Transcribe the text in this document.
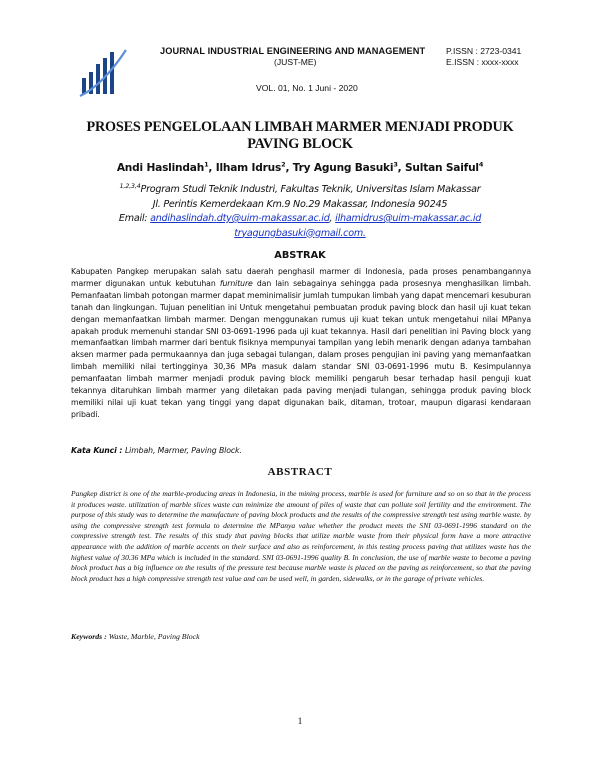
JOURNAL INDUSTRIAL ENGINEERING AND MANAGEMENT P.ISSN : 2723-0341
(JUST-ME)	E.ISSN : xxxx-xxxx
VOL. 01, No. 1 Juni - 2020
PROSES PENGELOLAAN LIMBAH MARMER MENJADI PRODUK PAVING BLOCK
Andi Haslindah$^1$, Ilham Idrus$^2$, Try Agung Basuki$^3$, Sultan Saiful$^4$
$^{1,2,3,4}$Program Studi Teknik Industri, Fakultas Teknik, Universitas Islam Makassar
Jl. Perintis Kemerdekaan Km.9 No.29 Makassar, Indonesia 90245
Email: andihaslindah.dty@uim-makassar.ac.id, ilhamidrus@uim-makassar.ac.id
tryagungbasuki@gmail.com.
ABSTRAK
Kabupaten Pangkep merupakan salah satu daerah penghasil marmer di Indonesia, pada proses penambangannya marmer digunakan untuk kebutuhan furniture dan lain sebagainya sehingga pada prosesnya menghasilkan limbah. Pemanfaatan limbah potongan marmer dapat meminimalisir jumlah tumpukan limbah yang dapat mencemari kesuburan tanah dan lingkungan. Tujuan penelitian ini Untuk mengetahui pembuatan produk paving block dan hasil uji kuat tekan dengan memanfaatkan limbah marmer. Dengan menggunakan rumus uji kuat tekan untuk mengetahui nilai MPanya apakah produk memenuhi standar SNI 03-0691-1996 pada uji kuat tekannya. Hasil dari penelitian ini Paving block yang memanfaatkan limbah marmer dari bentuk fisiknya mempunyai tampilan yang lebih menarik dengan adanya tambahan aksen marmer pada permukaannya dan juga sebagai tulangan, dalam proses pengujian ini paving yang memanfaatkan limbah memiliki nilai tertingginya 30,36 MPa masuk dalam standar SNI 03-0691-1996 mutu B. Kesimpulannya pemanfaatan limbah marmer menjadi produk paving block memiliki pengaruh besar terhadap hasil penguji kuat tekannya ditaruhkan limbah marmer yang diletakan pada paving menjadi tulangan, sehingga produk paving block memiliki nilai uji kuat tekan yang tinggi yang dapat digunakan baik, ditaman, trotoar, maupun digarasi kendaraan pribadi.
Kata Kunci : Limbah, Marmer, Paving Block.
ABSTRACT
Pangkep district is one of the marble-producing areas in Indonesia, in the mining process, marble is used for furniture and so on so that in the process it produces waste. utilization of marble slices waste can minimize the amount of piles of waste that can pollute soil fertility and the environment. The purpose of this study was to determine the manufacture of paving block products and the results of the compressive strength test using marble waste. by using the compressive strength test formula to determine the MPanya value whether the product meets the SNI 03-0691-1996 standard on the compressive strength test. The results of this study that paving blocks that utilize marble waste from their physical form have a more attractive appearance with the addition of marble accents on their surface and also as reinforcement, in this testing process paving that utilizes waste has the highest value of 30.36 MPa which is included in the standard. SNI 03-0691-1996 quality B. In conclusion, the use of marble waste to become a paving block product has a big influence on the results of the pressure test because marble waste is placed on the paving as reinforcement, so that the paving block product has a high compressive strength test value and can be used well, in garden, sidewalks, or in the garage of private vehicles.
Keywords : Waste, Marble, Paving Block
1
